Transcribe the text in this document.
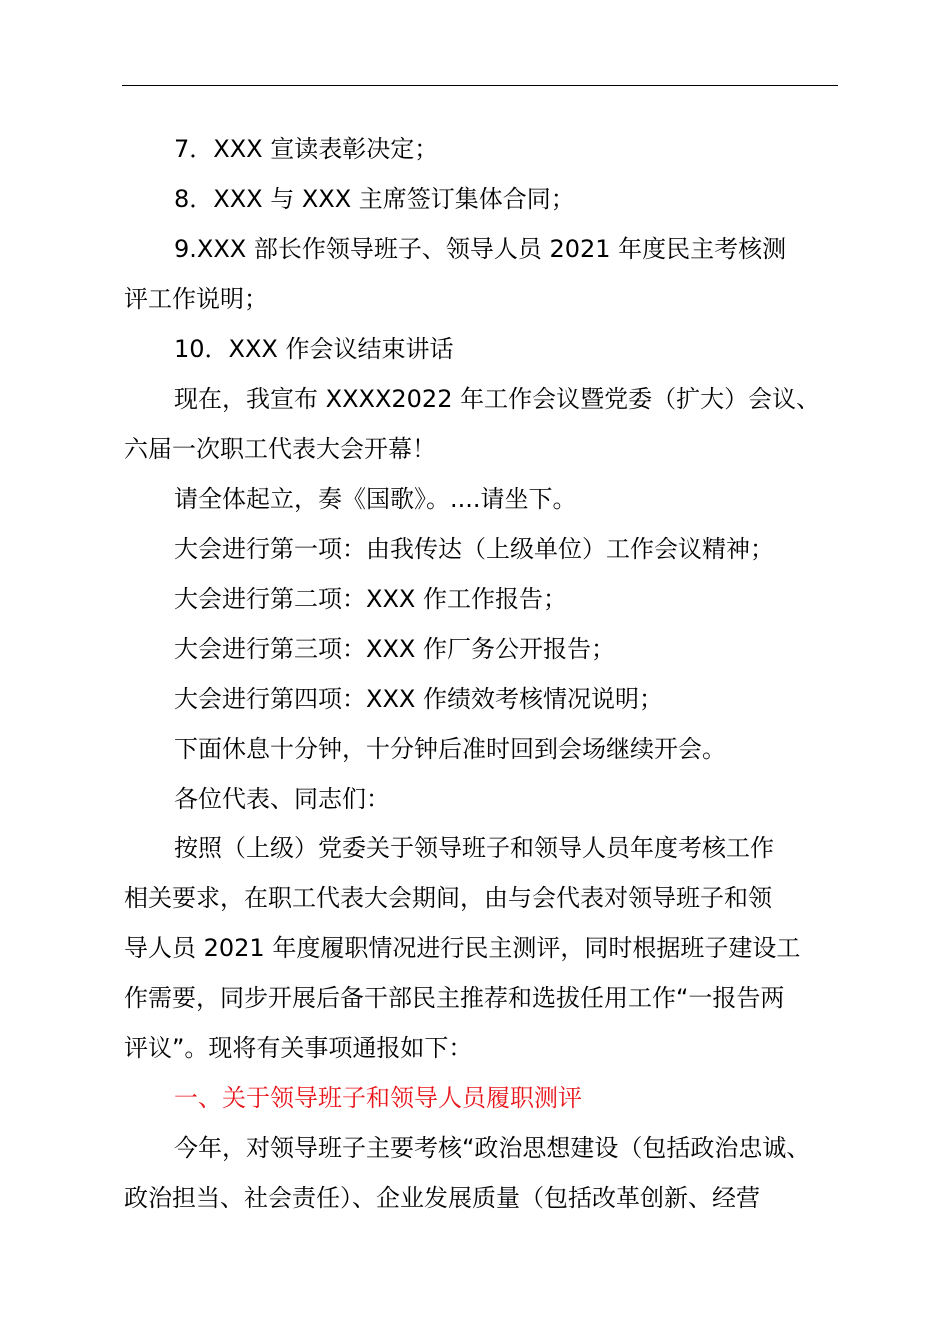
7．XXX 宣读表彰决定；
8．XXX 与 XXX 主席签订集体合同；
9.XXX 部长作领导班子、领导人员 2021 年度民主考核测
评工作说明；
10．XXX 作会议结束讲话
现在，我宣布 XXXX2022 年工作会议暨党委（扩大）会议、
六届一次职工代表大会开幕！
请全体起立，奏《国歌》。....请坐下。
大会进行第一项：由我传达（上级单位）工作会议精神；
大会进行第二项：XXX 作工作报告；
大会进行第三项：XXX 作厂务公开报告；
大会进行第四项：XXX 作绩效考核情况说明；
下面休息十分钟，十分钟后准时回到会场继续开会。
各位代表、同志们：
按照（上级）党委关于领导班子和领导人员年度考核工作
相关要求，在职工代表大会期间，由与会代表对领导班子和领
导人员 2021 年度履职情况进行民主测评，同时根据班子建设工
作需要，同步开展后备干部民主推荐和选拔任用工作“一报告两
评议”。现将有关事项通报如下：
一、关于领导班子和领导人员履职测评
今年，对领导班子主要考核“政治思想建设（包括政治忠诚、
政治担当、社会责任）、企业发展质量（包括改革创新、经营
